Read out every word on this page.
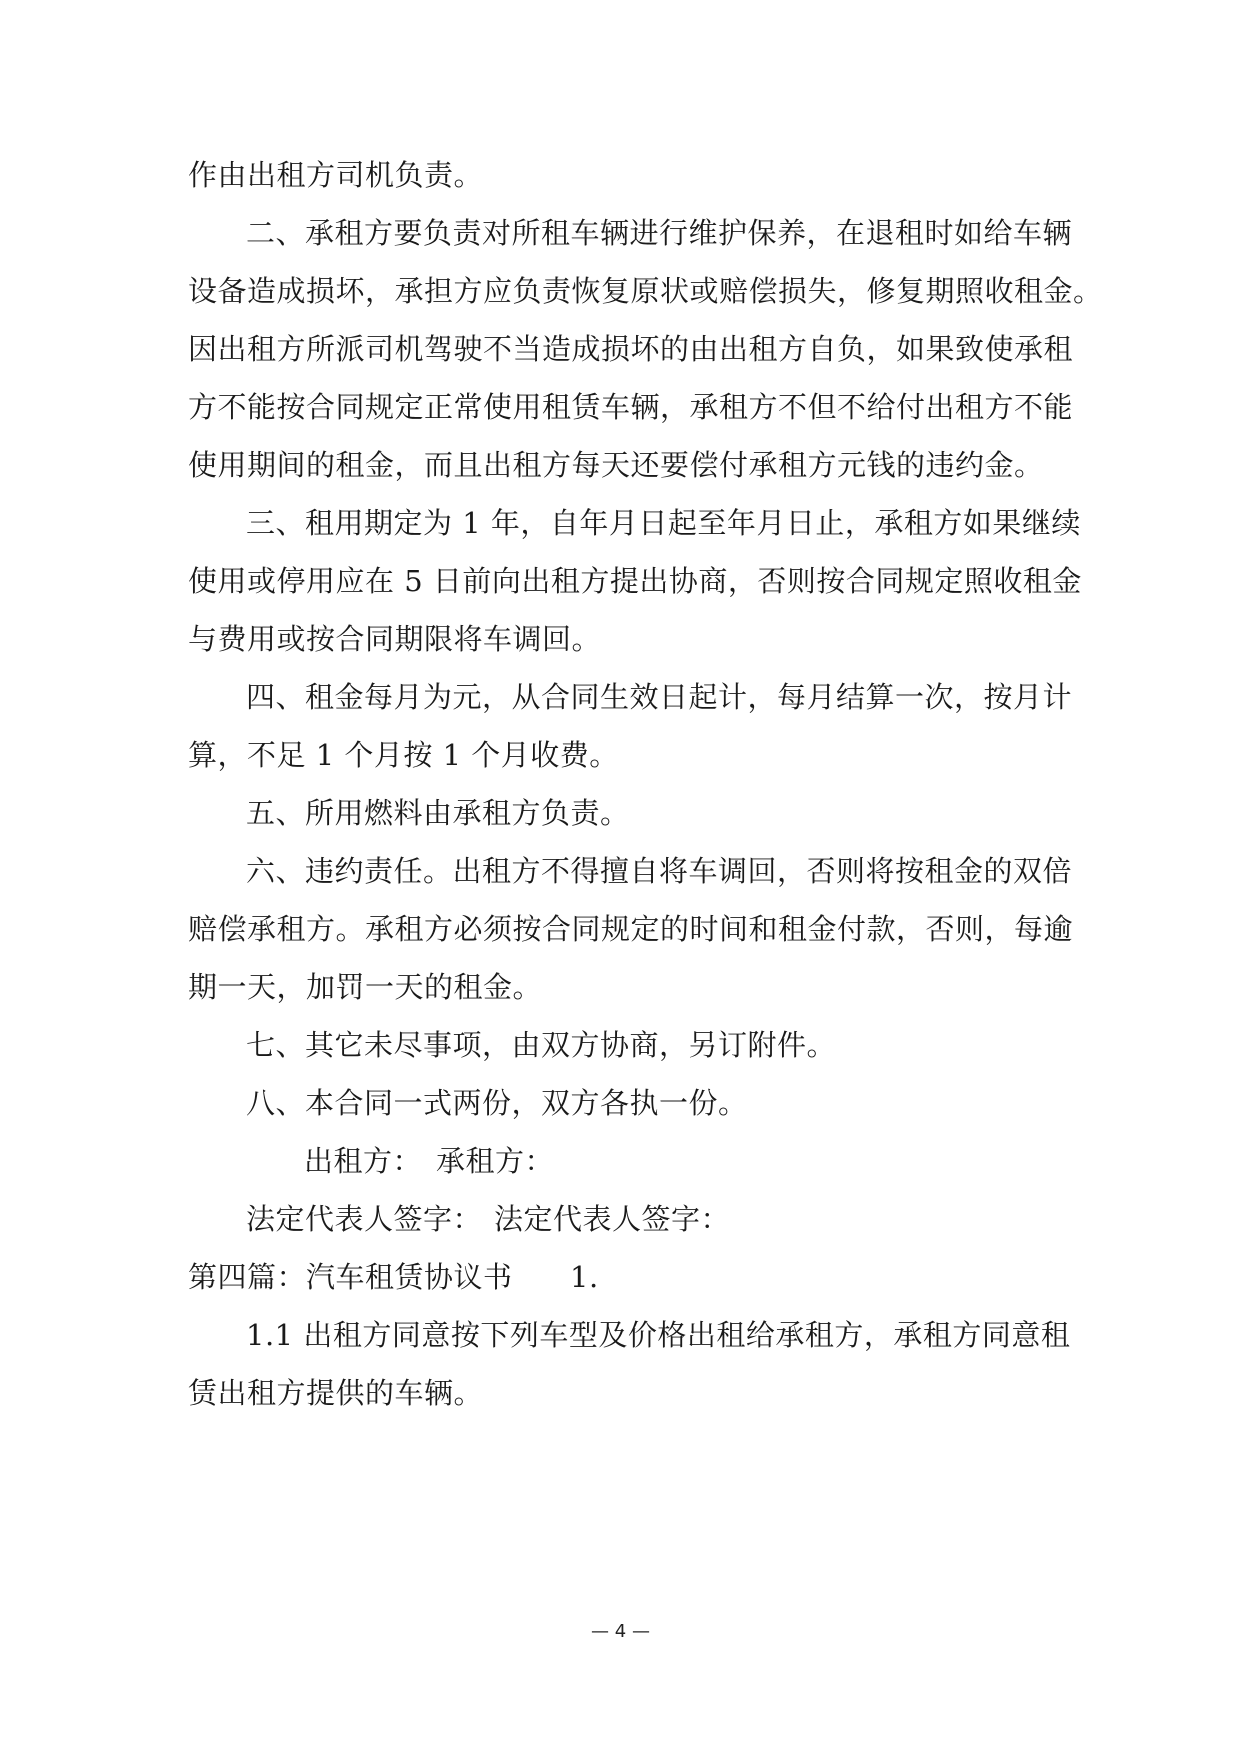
作由出租方司机负责。
二、承租方要负责对所租车辆进行维护保养，在退租时如给车辆
设备造成损坏，承担方应负责恢复原状或赔偿损失，修复期照收租金。
因出租方所派司机驾驶不当造成损坏的由出租方自负，如果致使承租
方不能按合同规定正常使用租赁车辆，承租方不但不给付出租方不能
使用期间的租金，而且出租方每天还要偿付承租方元钱的违约金。
三、租用期定为 1 年，自年月日起至年月日止，承租方如果继续
使用或停用应在 5 日前向出租方提出协商，否则按合同规定照收租金
与费用或按合同期限将车调回。
四、租金每月为元，从合同生效日起计，每月结算一次，按月计
算，不足 1 个月按 1 个月收费。
五、所用燃料由承租方负责。
六、违约责任。出租方不得擅自将车调回，否则将按租金的双倍
赔偿承租方。承租方必须按合同规定的时间和租金付款，否则，每逾
期一天，加罚一天的租金。
七、其它未尽事项，由双方协商，另订附件。
八、本合同一式两份，双方各执一份。
出租方： 承租方：
法定代表人签字： 法定代表人签字：
第四篇：汽车租赁协议书 1.
1.1 出租方同意按下列车型及价格出租给承租方，承租方同意租
赁出租方提供的车辆。
— 4 —
